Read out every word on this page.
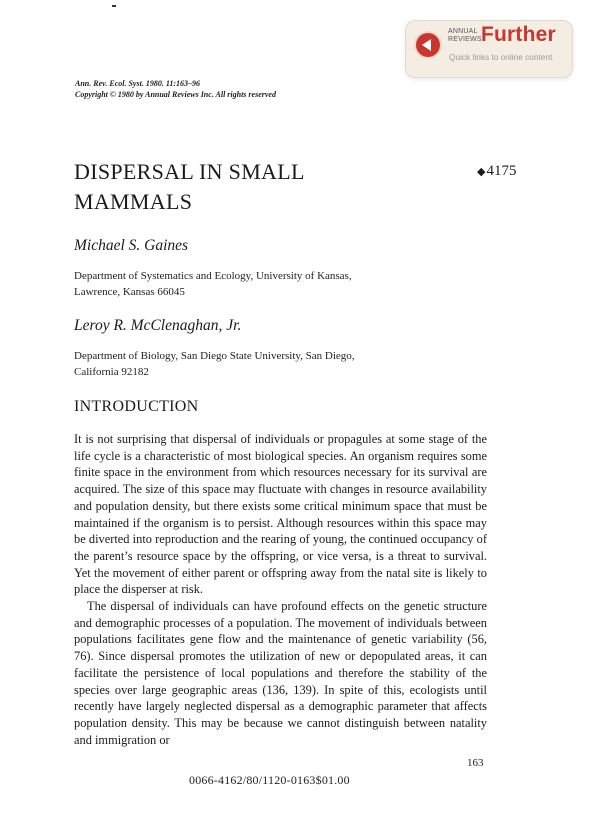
ANNUAL
REVIEWS Further
Quick links to online content
Ann. Rev. Ecol. Syst. 1980. 11:163–96
Copyright © 1980 by Annual Reviews Inc. All rights reserved
DISPERSAL IN SMALL MAMMALS
◆4175
Michael S. Gaines
Department of Systematics and Ecology, University of Kansas,
Lawrence, Kansas 66045
Leroy R. McClenaghan, Jr.
Department of Biology, San Diego State University, San Diego,
California 92182
INTRODUCTION

It is not surprising that dispersal of individuals or propagules at some stage of the life cycle is a characteristic of most biological species. An organism requires some finite space in the environment from which resources necessary for its survival are acquired. The size of this space may fluctuate with changes in resource availability and population density, but there exists some critical minimum space that must be maintained if the organism is to persist. Although resources within this space may be diverted into reproduction and the rearing of young, the continued occupancy of the parent’s resource space by the offspring, or vice versa, is a threat to survival. Yet the movement of either parent or offspring away from the natal site is likely to place the disperser at risk.

The dispersal of individuals can have profound effects on the genetic structure and demographic processes of a population. The movement of individuals between populations facilitates gene flow and the maintenance of genetic variability (56, 76). Since dispersal promotes the utilization of new or depopulated areas, it can facilitate the persistence of local populations and therefore the stability of the species over large geographic areas (136, 139). In spite of this, ecologists until recently have largely neglected dispersal as a demographic parameter that affects population density. This may be because we cannot distinguish between natality and immigration or

163
0066-4162/80/1120-0163$01.00
